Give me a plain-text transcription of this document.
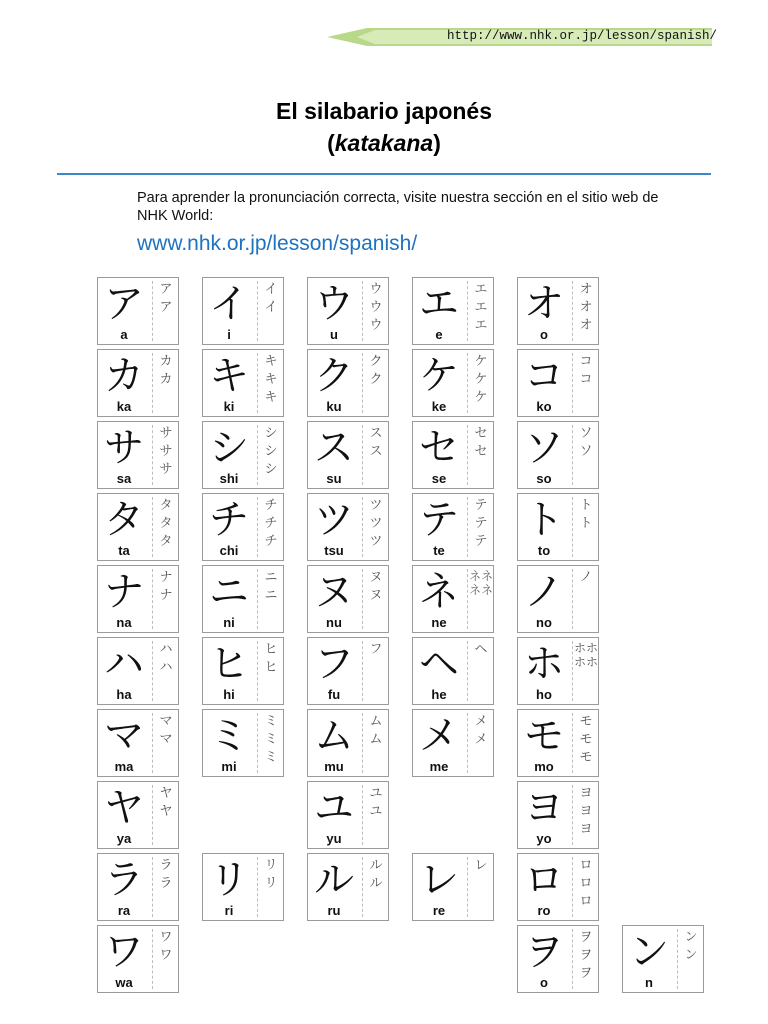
http://www.nhk.or.jp/lesson/spanish/
El silabario japonés
(katakana)
Para aprender la pronunciación correcta, visite nuestra sección en el sitio web de NHK World:
www.nhk.or.jp/lesson/spanish/
ア
a
アア
カ
ka
カカ
サ
sa
サササ
タ
ta
タタタ
ナ
na
ナナ
ハ
ha
ハハ
マ
ma
ママ
ヤ
ya
ヤヤ
ラ
ra
ララ
ワ
wa
ワワ
イ
i
イイ
キ
ki
キキキ
シ
shi
シシシ
チ
chi
チチチ
ニ
ni
ニニ
ヒ
hi
ヒヒ
ミ
mi
ミミミ
リ
ri
リリ
ウ
u
ウウウ
ク
ku
クク
ス
su
スス
ツ
tsu
ツツツ
ヌ
nu
ヌヌ
フ
fu
フ
ム
mu
ムム
ユ
yu
ユユ
ル
ru
ルル
エ
e
エエエ
ケ
ke
ケケケ
セ
se
セセ
テ
te
テテテ
ネ
ne
ネネネネ
ヘ
he
ヘ
メ
me
メメ
レ
re
レ
オ
o
オオオ
コ
ko
ココ
ソ
so
ソソ
ト
to
トト
ノ
no
ノ
ホ
ho
ホホホホ
モ
mo
モモモ
ヨ
yo
ヨヨヨ
ロ
ro
ロロロ
ヲ
o
ヲヲヲ ン
n
ンン
